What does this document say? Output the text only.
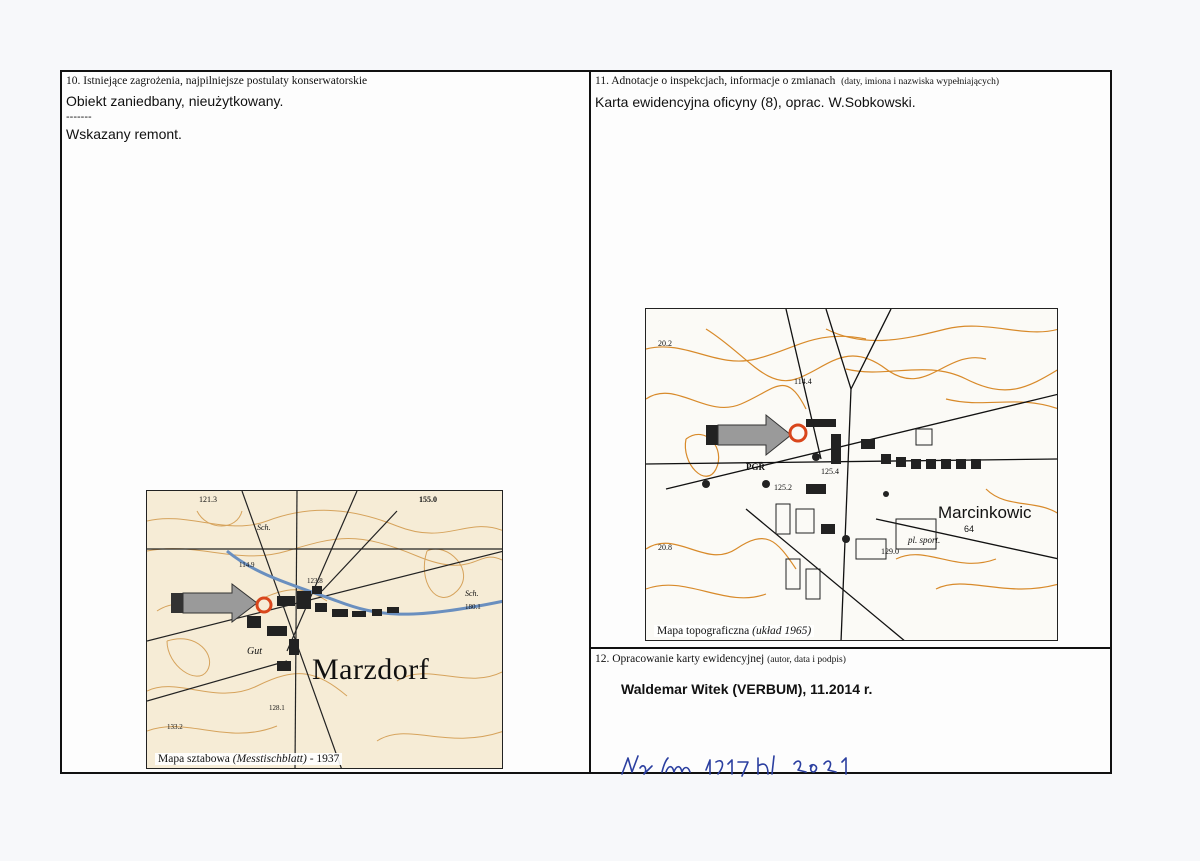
10. Istniejące zagrożenia, najpilniejsze postulaty konserwatorskie
Obiekt zaniedbany, nieużytkowany.
-------
Wskazany remont.
11. Adnotacje o inspekcjach, informacje o zmianach (daty, imiona i nazwiska wypełniających)
Karta ewidencyjna oficyny (8), oprac. W.Sobkowski.
12. Opracowanie karty ewidencyjnej (autor, data i podpis)
Waldemar Witek (VERBUM), 11.2014 r.
121.3	155.0
Sch.
114.9
123.8
Sch.
180.1
Gut
128.1
133.2
Marzdorf
Mapa sztabowa (Messtischblatt) - 1937
20.2
114.4
PGR	125.4
125.2
20.8	129.0
pl. sport.
64
Marcinkowic
Mapa topograficzna (układ 1965)
